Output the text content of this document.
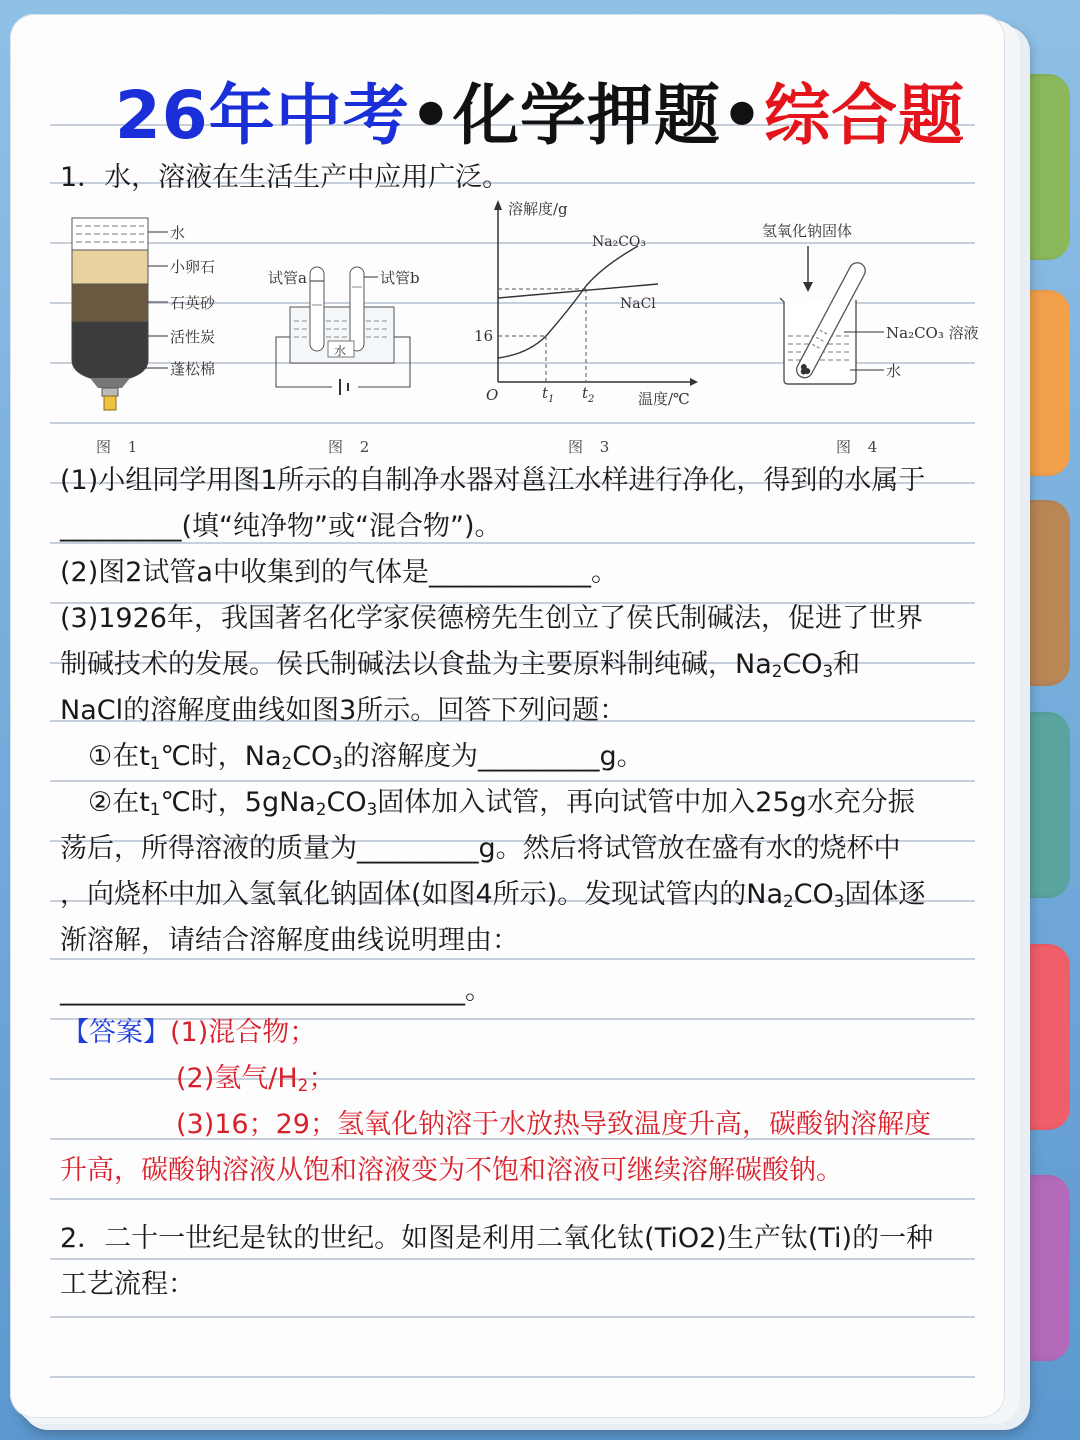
26年中考•化学押题•综合题
1．水，溶液在生活生产中应用广泛。
水
小卵石
石英砂
活性炭
蓬松棉
图 1
试管a	试管b
水
图 2
溶解度/g
温度/℃
O
16
$t_1$ $t_2$
Na₂CO₃
NaCl
图 3
氢氧化钠固体
Na₂CO₃ 溶液
水
图 4
(1)小组同学用图1所示的自制净水器对邕江水样进行净化，得到的水属于
_________(填“纯净物”或“混合物”)。
(2)图2试管a中收集到的气体是____________。
(3)1926年，我国著名化学家侯德榜先生创立了侯氏制碱法，促进了世界
制碱技术的发展。侯氏制碱法以食盐为主要原料制纯碱，$Na_2CO_3$和
NaCl的溶解度曲线如图3所示。回答下列问题：
①在$t_1℃$时，$Na_2CO_3$的溶解度为_________g。
②在$t_1℃$时，$5gNa_2CO_3$固体加入试管，再向试管中加入25g水充分振
荡后，所得溶液的质量为_________g。然后将试管放在盛有水的烧杯中
，向烧杯中加入氢氧化钠固体(如图4所示)。发现试管内的$Na_2CO_3$固体逐
渐溶解，请结合溶解度曲线说明理由：
______________________________。
【答案】(1)混合物；
(2)氢气$/H_2$；
(3)16；29；氢氧化钠溶于水放热导致温度升高，碳酸钠溶解度
升高，碳酸钠溶液从饱和溶液变为不饱和溶液可继续溶解碳酸钠。
2．二十一世纪是钛的世纪。如图是利用二氧化钛(TiO2)生产钛(Ti)的一种
工艺流程：
